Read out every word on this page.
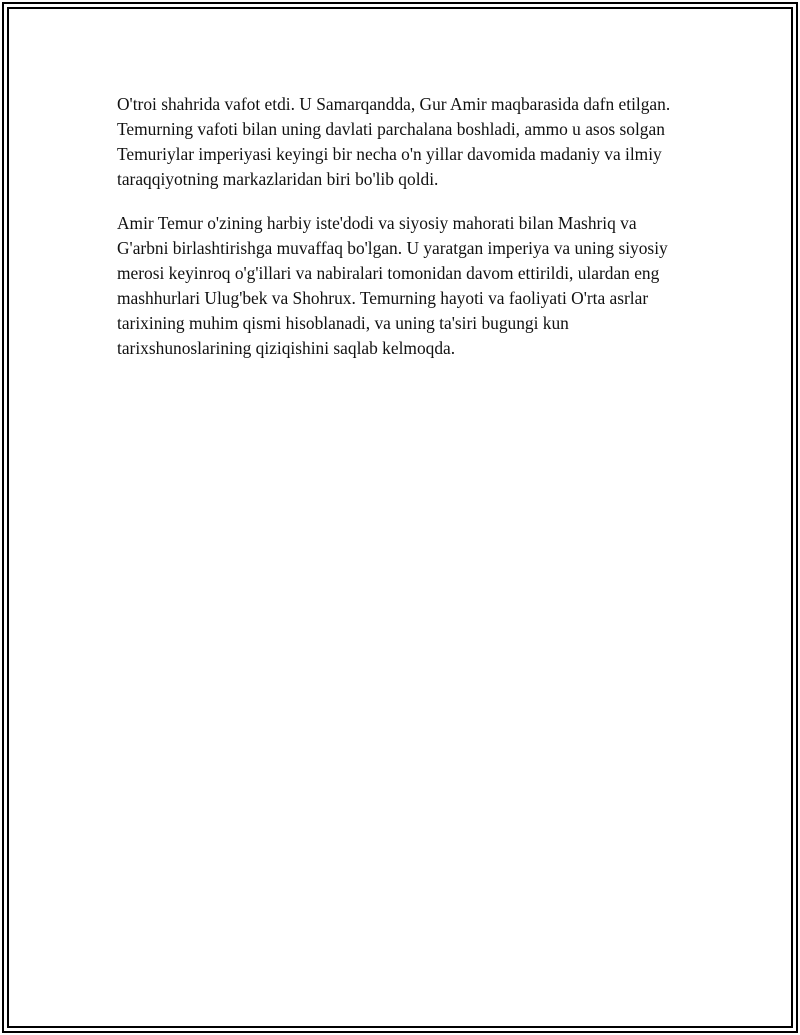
O'troi shahrida vafot etdi. U Samarqandda, Gur Amir maqbarasida dafn etilgan. Temurning vafoti bilan uning davlati parchalana boshladi, ammo u asos solgan Temuriylar imperiyasi keyingi bir necha o'n yillar davomida madaniy va ilmiy taraqqiyotning markazlaridan biri bo'lib qoldi.

Amir Temur o'zining harbiy iste'dodi va siyosiy mahorati bilan Mashriq va G'arbni birlashtirishga muvaffaq bo'lgan. U yaratgan imperiya va uning siyosiy merosi keyinroq o'g'illari va nabiralari tomonidan davom ettirildi, ulardan eng mashhurlari Ulug'bek va Shohrux. Temurning hayoti va faoliyati O'rta asrlar tarixining muhim qismi hisoblanadi, va uning ta'siri bugungi kun tarixshunoslarining qiziqishini saqlab kelmoqda.
